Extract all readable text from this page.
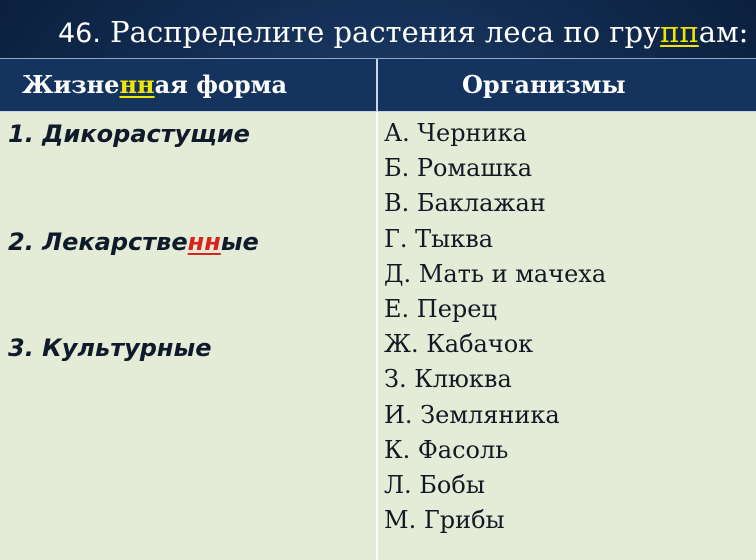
46. Распределите растения леса по группам:
Жизненная форма	Организмы
1. Дикорастущие
2. Лекарственные
3. Культурные
А. Черника
Б. Ромашка
В. Баклажан
Г. Тыква
Д. Мать и мачеха
Е. Перец
Ж. Кабачок
З. Клюква
И. Земляника
К. Фасоль
Л. Бобы
М. Грибы
